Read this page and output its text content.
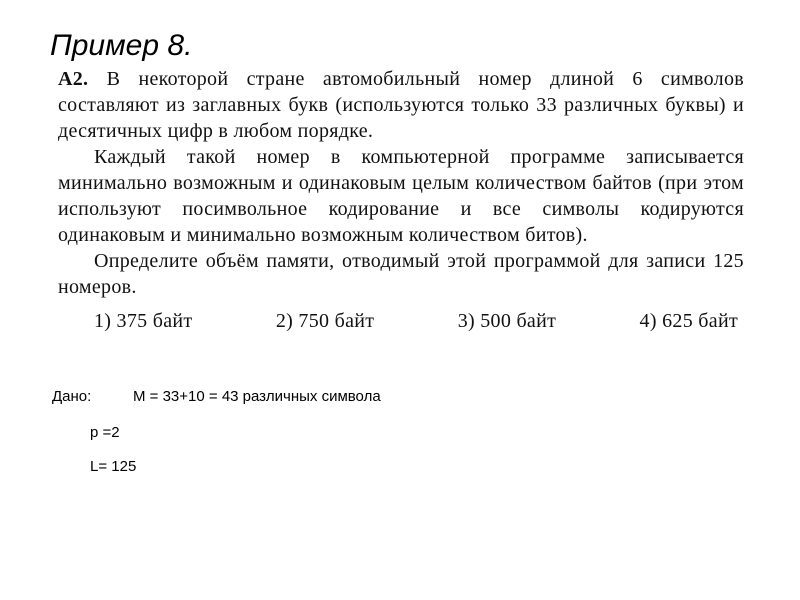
Пример 8.

А2. В некоторой стране автомобильный номер длиной 6 символов составляют из заглавных букв (используются только 33 различных буквы) и десятичных цифр в любом порядке.

Каждый такой номер в компьютерной программе записывается минимально возможным и одинаковым целым количеством байтов (при этом используют посимвольное кодирование и все символы кодируются одинаковым и минимально возможным количеством битов).

Определите объём памяти, отводимый этой программой для записи 125 номеров.

1) 375 байт	2) 750 байт	3) 500 байт	4) 625 байт
Дано:	M = 33+10 = 43 различных символа
p =2
L= 125
